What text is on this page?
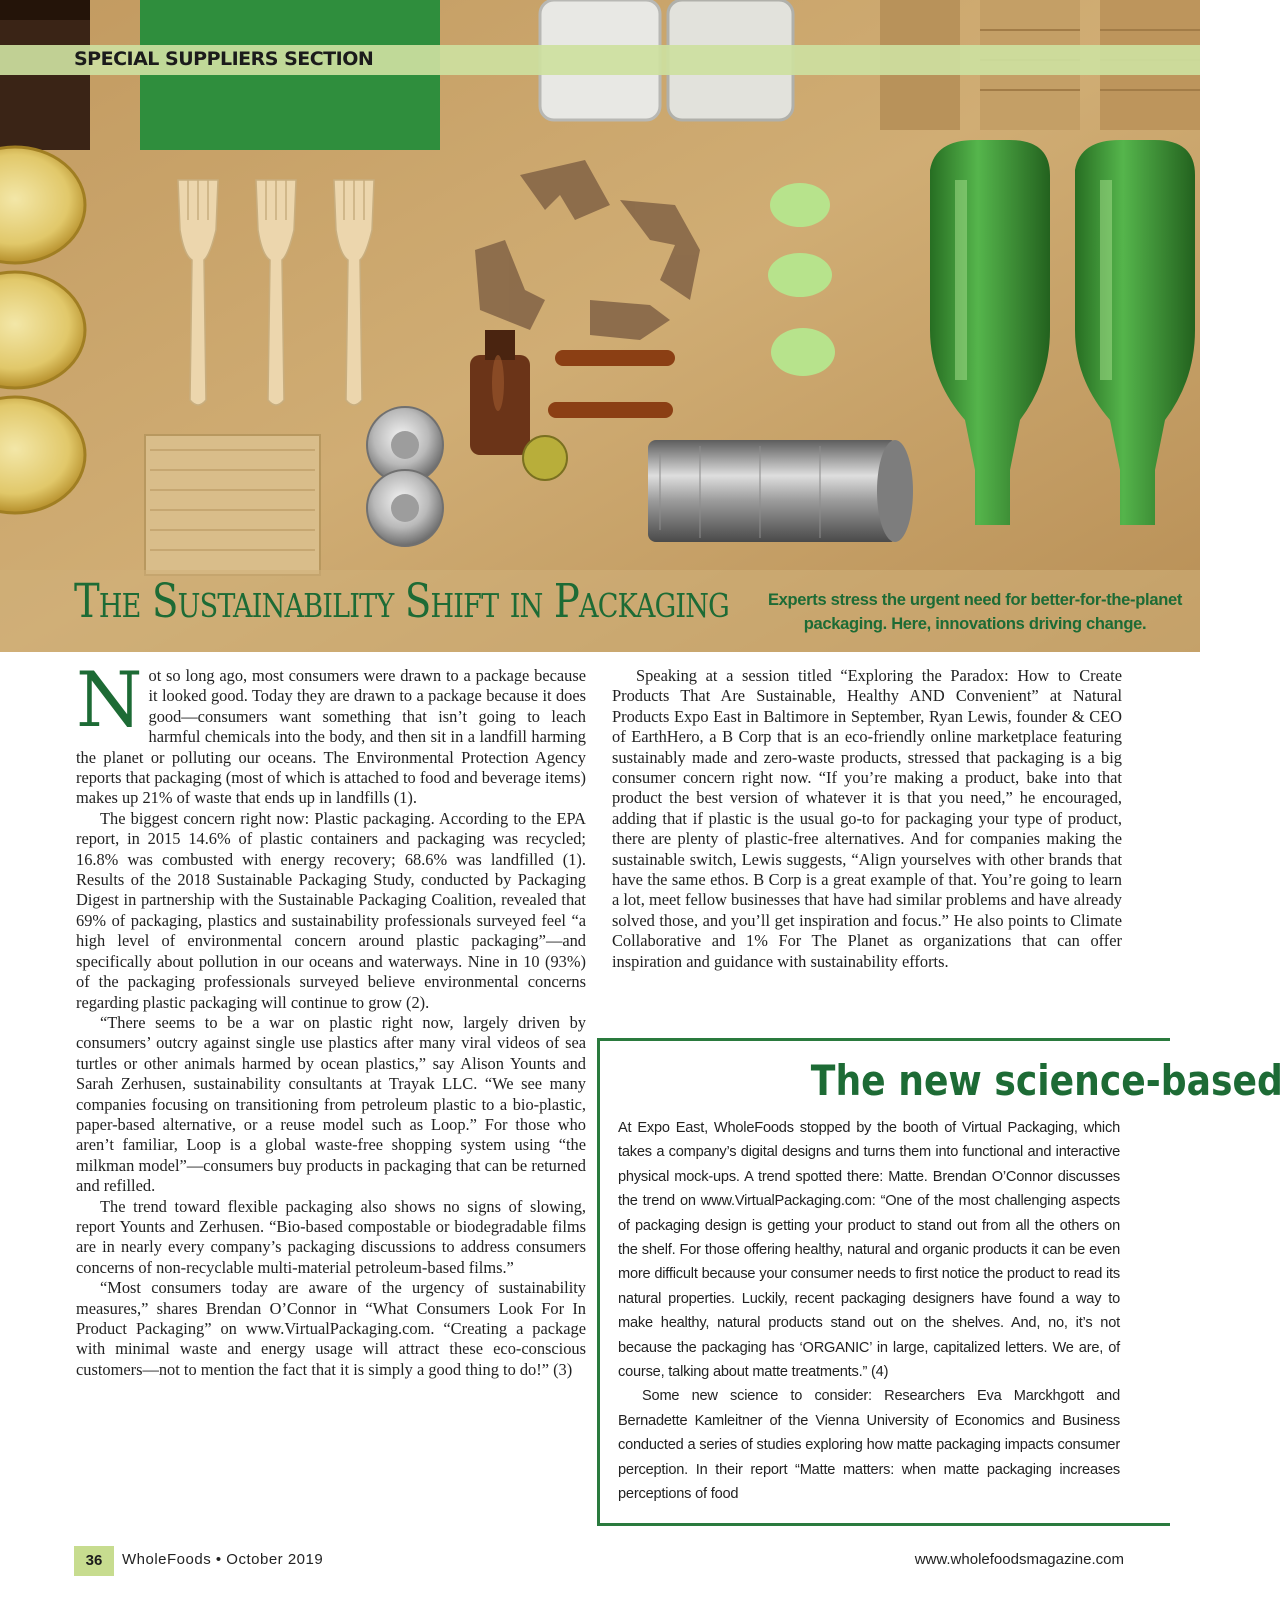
SPECIAL SUPPLIERS SECTION
The Sustainability Shift in Packaging	Experts stress the urgent need for better-for-the-planet packaging. Here, innovations driving change.

Not so long ago, most consumers were drawn to a package because it looked good. Today they are drawn to a package because it does good—consumers want something that isn’t going to leach harmful chemicals into the body, and then sit in a landfill harming the planet or polluting our oceans. The Environmental Protection Agency reports that packaging (most of which is attached to food and beverage items) makes up 21% of waste that ends up in landfills (1).

The biggest concern right now: Plastic packaging. According to the EPA report, in 2015 14.6% of plastic containers and packaging was recycled; 16.8% was combusted with energy recovery; 68.6% was landfilled (1). Results of the 2018 Sustainable Packaging Study, conducted by Packaging Digest in partnership with the Sustainable Packaging Coalition, revealed that 69% of packaging, plastics and sustainability professionals surveyed feel “a high level of environmental concern around plastic packaging”—and specifically about pollution in our oceans and waterways. Nine in 10 (93%) of the packaging professionals surveyed believe environmental concerns regarding plastic packaging will continue to grow (2).

“There seems to be a war on plastic right now, largely driven by consumers’ outcry against single use plastics after many viral videos of sea turtles or other animals harmed by ocean plastics,” say Alison Younts and Sarah Zerhusen, sustainability consultants at Trayak LLC. “We see many companies focusing on transitioning from petroleum plastic to a bio-plastic, paper-based alternative, or a reuse model such as Loop.” For those who aren’t familiar, Loop is a global waste-free shopping system using “the milkman model”—consumers buy products in packaging that can be returned and refilled.

The trend toward flexible packaging also shows no signs of slowing, report Younts and Zerhusen. “Bio-based compostable or biodegradable films are in nearly every company’s packaging discussions to address consumers concerns of non-recyclable multi-material petroleum-based films.”

“Most consumers today are aware of the urgency of sustainability measures,” shares Brendan O’Connor in “What Consumers Look For In Product Packaging” on www.VirtualPackaging.com. “Creating a package with minimal waste and energy usage will attract these eco-conscious customers—not to mention the fact that it is simply a good thing to do!” (3)

Speaking at a session titled “Exploring the Paradox: How to Create Products That Are Sustainable, Healthy AND Convenient” at Natural Products Expo East in Baltimore in September, Ryan Lewis, founder & CEO of EarthHero, a B Corp that is an eco-friendly online marketplace featuring sustainably made and zero-waste products, stressed that packaging is a big consumer concern right now. “If you’re making a product, bake into that product the best version of whatever it is that you need,” he encouraged, adding that if plastic is the usual go-to for packaging your type of product, there are plenty of plastic-free alternatives. And for companies making the sustainable switch, Lewis suggests, “Align yourselves with other brands that have the same ethos. B Corp is a great example of that. You’re going to learn a lot, meet fellow businesses that have had similar problems and have already solved those, and you’ll get inspiration and focus.” He also points to Climate Collaborative and 1% For The Planet as organizations that can offer inspiration and guidance with sustainability efforts.

The new science-based

At Expo East, WholeFoods stopped by the booth of Virtual Packaging, which takes a company’s digital designs and turns them into functional and interactive physical mock-ups. A trend spotted there: Matte. Brendan O’Connor discusses the trend on www.VirtualPackaging.com: “One of the most challenging aspects of packaging design is getting your product to stand out from all the others on the shelf. For those offering healthy, natural and organic products it can be even more difficult because your consumer needs to first notice the product to read its natural properties. Luckily, recent packaging designers have found a way to make healthy, natural products stand out on the shelves. And, no, it’s not because the packaging has ‘ORGANIC’ in large, capitalized letters. We are, of course, talking about matte treatments.” (4)

Some new science to consider: Researchers Eva Marckhgott and Bernadette Kamleitner of the Vienna University of Economics and Business conducted a series of studies exploring how matte packaging impacts consumer perception. In their report “Matte matters: when matte packaging increases perceptions of food

36	WholeFoods • October 2019	www.wholefoodsmagazine.com
